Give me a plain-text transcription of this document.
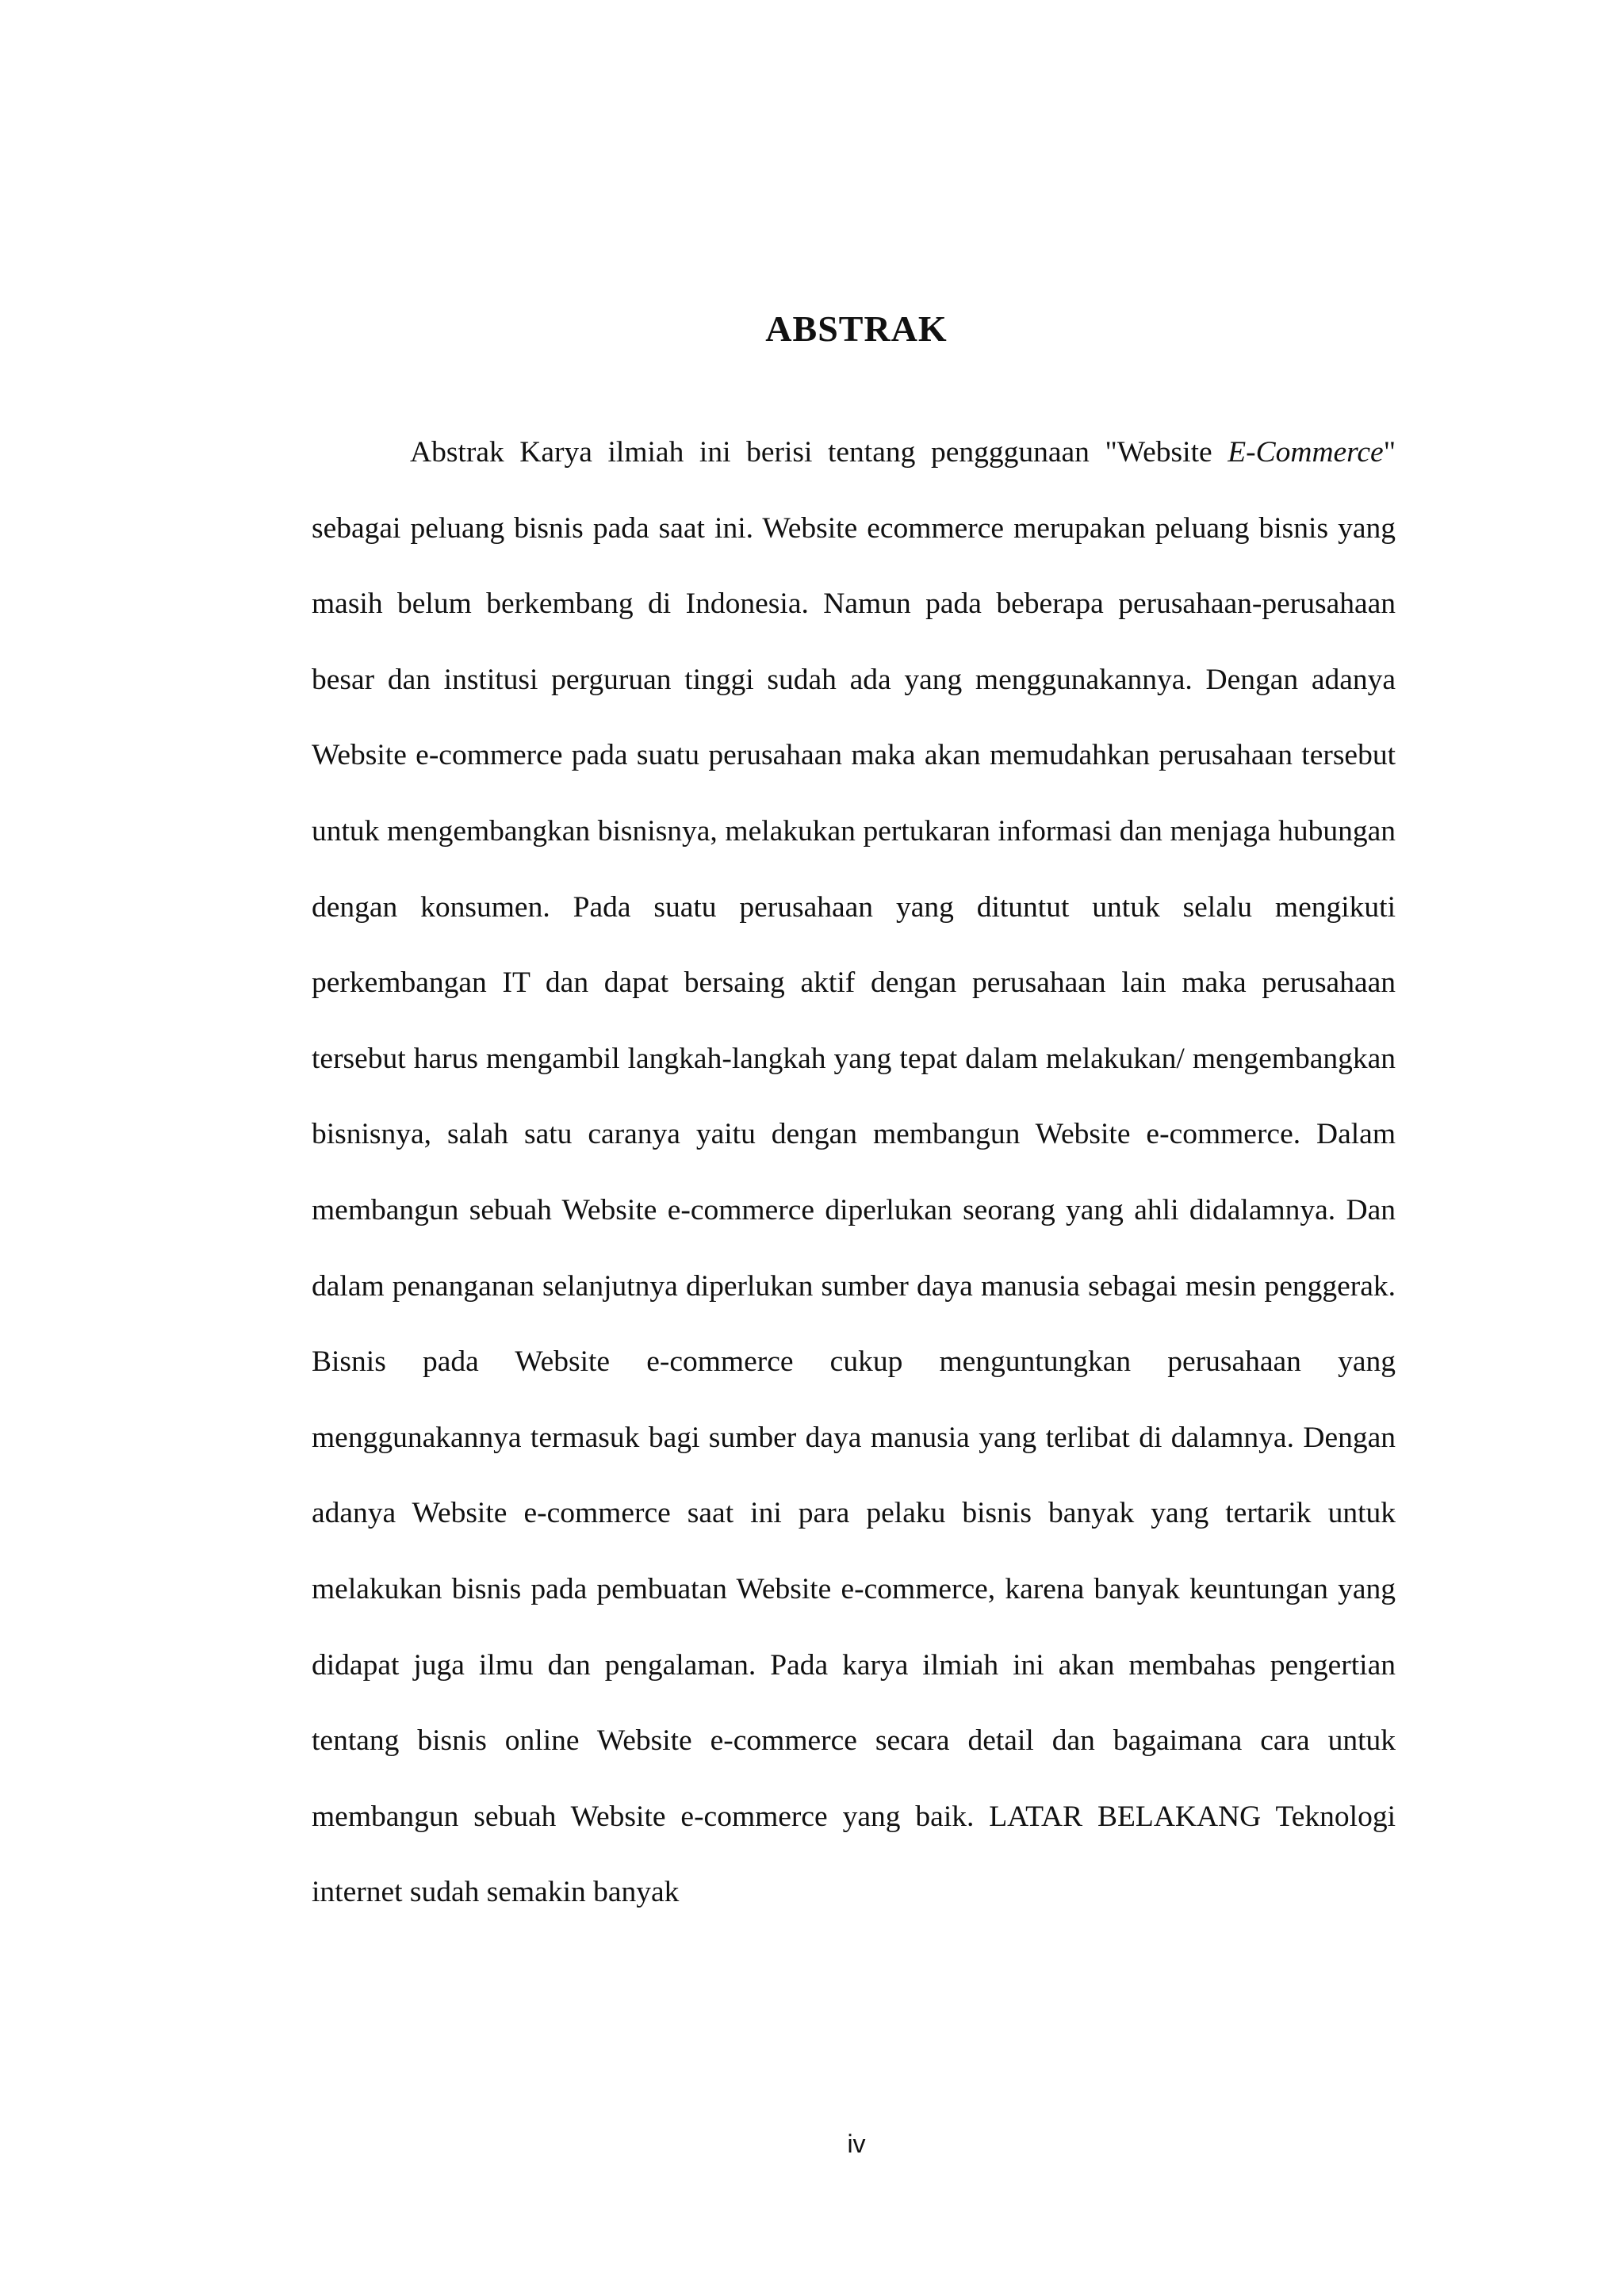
ABSTRAK

Abstrak Karya ilmiah ini berisi tentang pengggunaan "Website E-Commerce" sebagai peluang bisnis pada saat ini. Website ecommerce merupakan peluang bisnis yang masih belum berkembang di Indonesia. Namun pada beberapa perusahaan-perusahaan besar dan institusi perguruan tinggi sudah ada yang menggunakannya. Dengan adanya Website e-commerce pada suatu perusahaan maka akan memudahkan perusahaan tersebut untuk mengembangkan bisnisnya, melakukan pertukaran informasi dan menjaga hubungan dengan konsumen. Pada suatu perusahaan yang dituntut untuk selalu mengikuti perkembangan IT dan dapat bersaing aktif dengan perusahaan lain maka perusahaan tersebut harus mengambil langkah-langkah yang tepat dalam melakukan/ mengembangkan bisnisnya, salah satu caranya yaitu dengan membangun Website e-commerce. Dalam membangun sebuah Website e-commerce diperlukan seorang yang ahli didalamnya. Dan dalam penanganan selanjutnya diperlukan sumber daya manusia sebagai mesin penggerak. Bisnis pada Website e-commerce cukup menguntungkan perusahaan yang menggunakannya termasuk bagi sumber daya manusia yang terlibat di dalamnya. Dengan adanya Website e-commerce saat ini para pelaku bisnis banyak yang tertarik untuk melakukan bisnis pada pembuatan Website e-commerce, karena banyak keuntungan yang didapat juga ilmu dan pengalaman. Pada karya ilmiah ini akan membahas pengertian tentang bisnis online Website e-commerce secara detail dan bagaimana cara untuk membangun sebuah Website e-commerce yang baik. LATAR BELAKANG Teknologi internet sudah semakin banyak

iv
